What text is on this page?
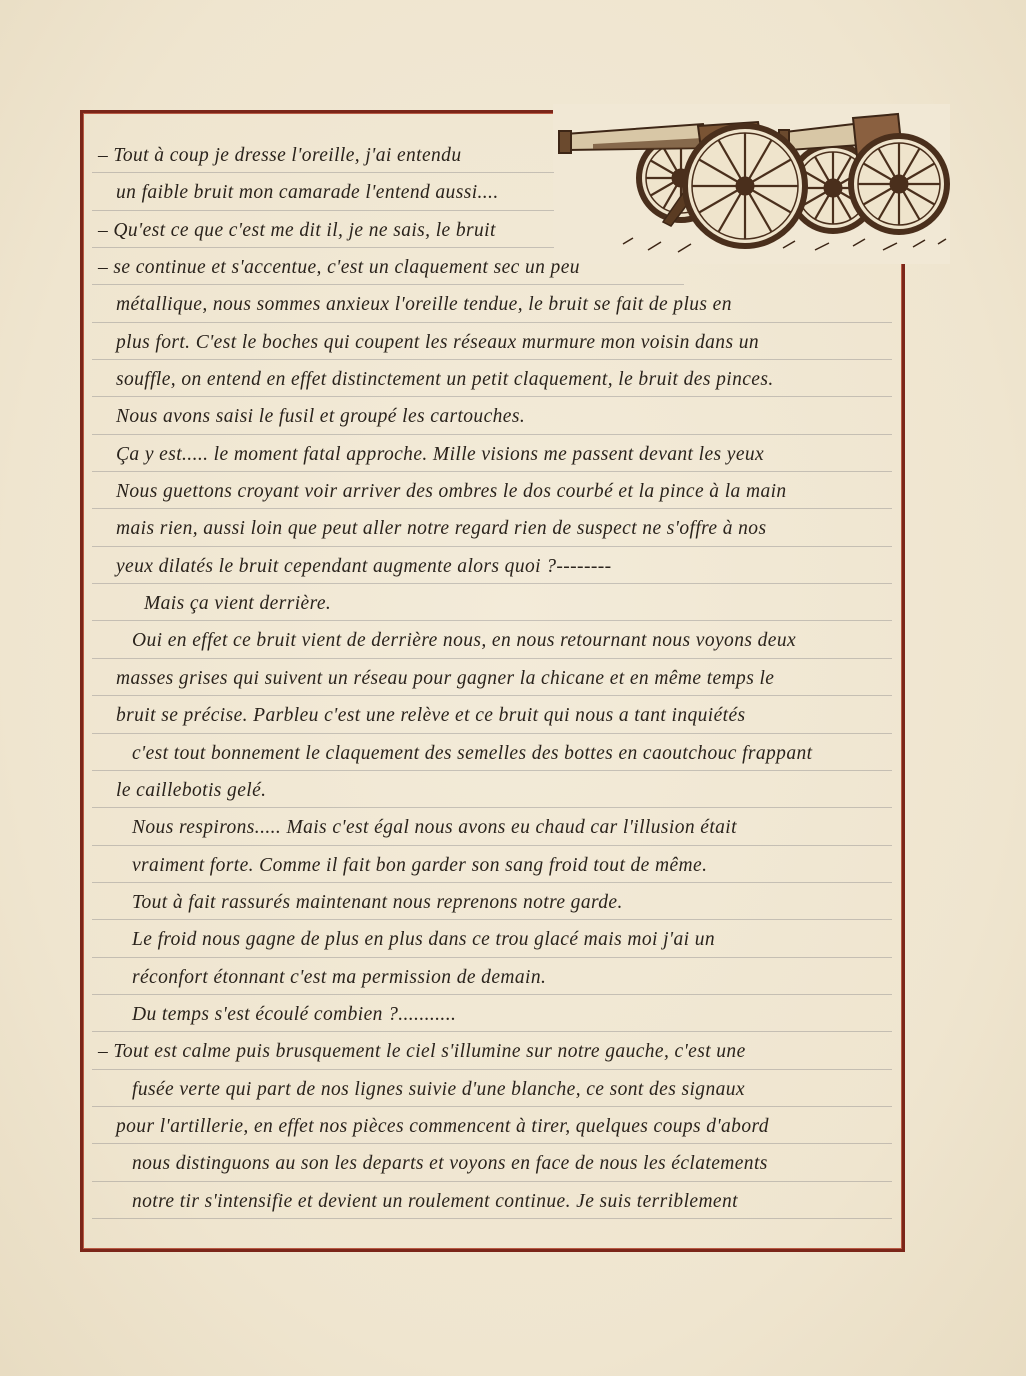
– Tout à coup je dresse l'oreille, j'ai entendu
un faible bruit mon camarade l'entend aussi....
– Qu'est ce que c'est me dit il, je ne sais, le bruit
– se continue et s'accentue, c'est un claquement sec un peu
métallique, nous sommes anxieux l'oreille tendue, le bruit se fait de plus en
plus fort. C'est le boches qui coupent les réseaux murmure mon voisin dans un
souffle, on entend en effet distinctement un petit claquement, le bruit des pinces.
Nous avons saisi le fusil et groupé les cartouches.
Ça y est..... le moment fatal approche. Mille visions me passent devant les yeux
Nous guettons croyant voir arriver des ombres le dos courbé et la pince à la main
mais rien, aussi loin que peut aller notre regard rien de suspect ne s'offre à nos
yeux dilatés le bruit cependant augmente alors quoi ?--------
Mais ça vient derrière.
Oui en effet ce bruit vient de derrière nous, en nous retournant nous voyons deux
masses grises qui suivent un réseau pour gagner la chicane et en même temps le
bruit se précise. Parbleu c'est une relève et ce bruit qui nous a tant inquiétés
c'est tout bonnement le claquement des semelles des bottes en caoutchouc frappant
le caillebotis gelé.
Nous respirons..... Mais c'est égal nous avons eu chaud car l'illusion était
vraiment forte. Comme il fait bon garder son sang froid tout de même.
Tout à fait rassurés maintenant nous reprenons notre garde.
Le froid nous gagne de plus en plus dans ce trou glacé mais moi j'ai un
réconfort étonnant c'est ma permission de demain.
Du temps s'est écoulé combien ?...........
– Tout est calme puis brusquement le ciel s'illumine sur notre gauche, c'est une
fusée verte qui part de nos lignes suivie d'une blanche, ce sont des signaux
pour l'artillerie, en effet nos pièces commencent à tirer, quelques coups d'abord
nous distinguons au son les departs et voyons en face de nous les éclatements
notre tir s'intensifie et devient un roulement continue. Je suis terriblement
